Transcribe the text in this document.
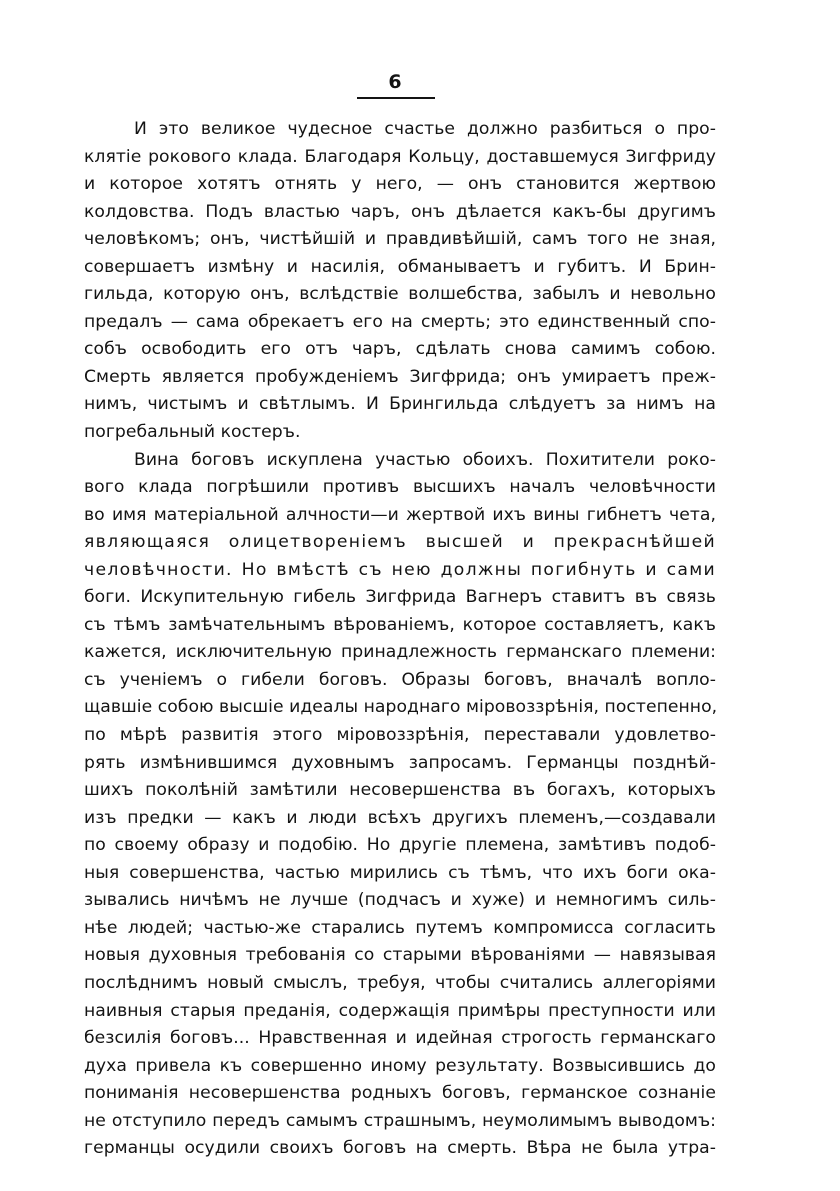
6
И это великое чудесное счастье должно разбиться о про-
клятіе рокового клада. Благодаря Кольцу, доставшемуся Зигфриду
и которое хотятъ отнять у него, — онъ становится жертвою
колдовства. Подъ властью чаръ, онъ дѣлается какъ-бы другимъ
человѣкомъ; онъ, чистѣйшій и правдивѣйшій, самъ того не зная,
совершаетъ измѣну и насилія, обманываетъ и губитъ. И Брин-
гильда, которую онъ, вслѣдствіе волшебства, забылъ и невольно
предалъ — сама обрекаетъ его на смерть; это единственный спо-
собъ освободить его отъ чаръ, сдѣлать снова самимъ собою.
Смерть является пробужденіемъ Зигфрида; онъ умираетъ преж-
нимъ, чистымъ и свѣтлымъ. И Брингильда слѣдуетъ за нимъ на
погребальный костеръ.
Вина боговъ искуплена участью обоихъ. Похитители роко-
вого клада погрѣшили противъ высшихъ началъ человѣчности
во имя матеріальной алчности—и жертвой ихъ вины гибнетъ чета,
являющаяся олицетвореніемъ высшей и прекраснѣйшей
человѣчности. Но вмѣстѣ съ нею должны погибнуть и сами
боги. Искупительную гибель Зигфрида Вагнеръ ставитъ въ связь
съ тѣмъ замѣчательнымъ вѣрованіемъ, которое составляетъ, какъ
кажется, исключительную принадлежность германскаго племени:
съ ученіемъ о гибели боговъ. Образы боговъ, вначалѣ вопло-
щавшіе собою высшіе идеалы народнаго міровоззрѣнія, постепенно,
по мѣрѣ развитія этого міровоззрѣнія, переставали удовлетво-
рять измѣнившимся духовнымъ запросамъ. Германцы позднѣй-
шихъ поколѣній замѣтили несовершенства въ богахъ, которыхъ
изъ предки — какъ и люди всѣхъ другихъ племенъ,—создавали
по своему образу и подобію. Но другіе племена, замѣтивъ подоб-
ныя совершенства, частью мирились съ тѣмъ, что ихъ боги ока-
зывались ничѣмъ не лучше (подчасъ и хуже) и немногимъ силь-
нѣе людей; частью-же старались путемъ компромисса согласить
новыя духовныя требованія со старыми вѣрованіями — навязывая
послѣднимъ новый смыслъ, требуя, чтобы считались аллегоріями
наивныя старыя преданія, содержащія примѣры преступности или
безсилія боговъ... Нравственная и идейная строгость германскаго
духа привела къ совершенно иному результату. Возвысившись до
пониманія несовершенства родныхъ боговъ, германское сознаніе
не отступило передъ самымъ страшнымъ, неумолимымъ выводомъ:
германцы осудили своихъ боговъ на смерть. Вѣра не была утра-
